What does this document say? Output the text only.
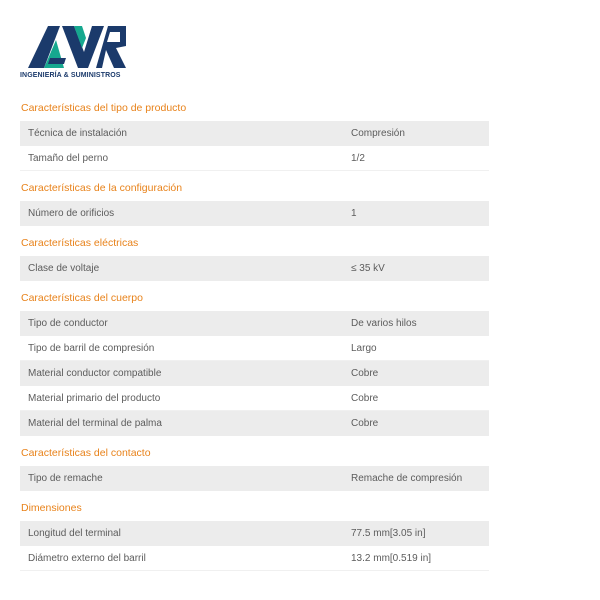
INGENIERÍA & SUMINISTROS
Características del tipo de producto
Técnica de instalación	Compresión
Tamaño del perno	1/2
Características de la configuración
Número de orificios	1
Características eléctricas
Clase de voltaje	≤ 35 kV
Características del cuerpo
Tipo de conductor	De varios hilos
Tipo de barril de compresión	Largo
Material conductor compatible	Cobre
Material primario del producto	Cobre
Material del terminal de palma	Cobre
Características del contacto
Tipo de remache	Remache de compresión
Dimensiones
Longitud del terminal	77.5 mm[3.05 in]
Diámetro externo del barril	13.2 mm[0.519 in]
